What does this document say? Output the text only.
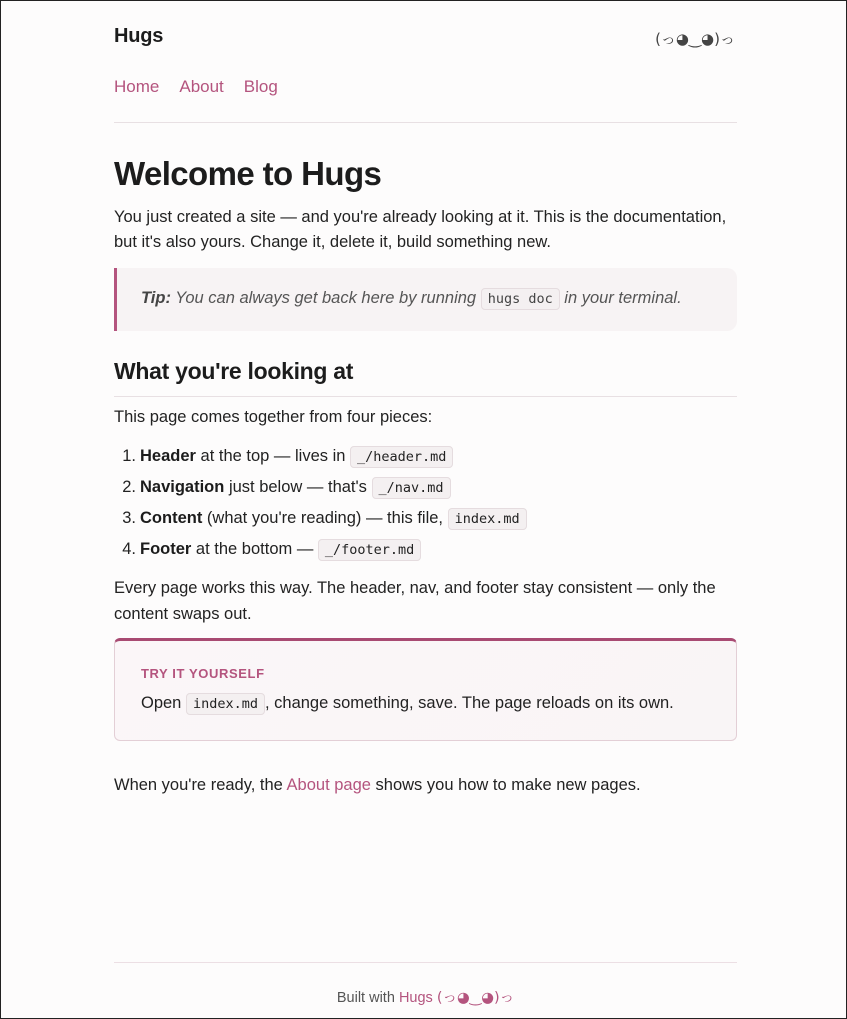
Hugs	(っ◕‿◕)っ
Home About Blog
Welcome to Hugs

You just created a site — and you're already looking at it. This is the documentation, but it's also yours. Change it, delete it, build something new.

Tip: You can always get back here by running hugs doc in your terminal.
What you're looking at

This page comes together from four pieces:

1. Header at the top — lives in _/header.md
2. Navigation just below — that's _/nav.md
3. Content (what you're reading) — this file, index.md
4. Footer at the bottom — _/footer.md

Every page works this way. The header, nav, and footer stay consistent — only the content swaps out.

TRY IT YOURSELF
Open index.md , change something, save. The page reloads on its own.

When you're ready, the About page shows you how to make new pages.

Built with Hugs (っ◕‿◕)っ
